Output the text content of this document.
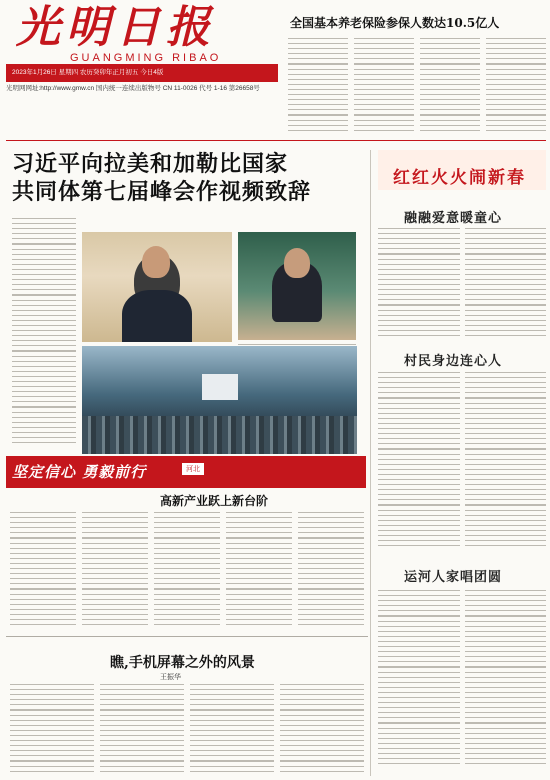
光明日报
GUANGMING RIBAO
2023年1月26日 星期四 农历癸卯年正月初五 今日4版
光明网网址:http://www.gmw.cn 国内统一连续出版物号 CN 11-0026 代号 1-16 第26658号
全国基本养老保险参保人数达10.5亿人
习近平向拉美和加勒比国家
共同体第七届峰会作视频致辞
坚定信心 勇毅前行	河北
高新产业跃上新台阶
瞧,手机屏幕之外的风景
王振华
红红火火闹新春
融融爱意暖童心
村民身边连心人
运河人家唱团圆
